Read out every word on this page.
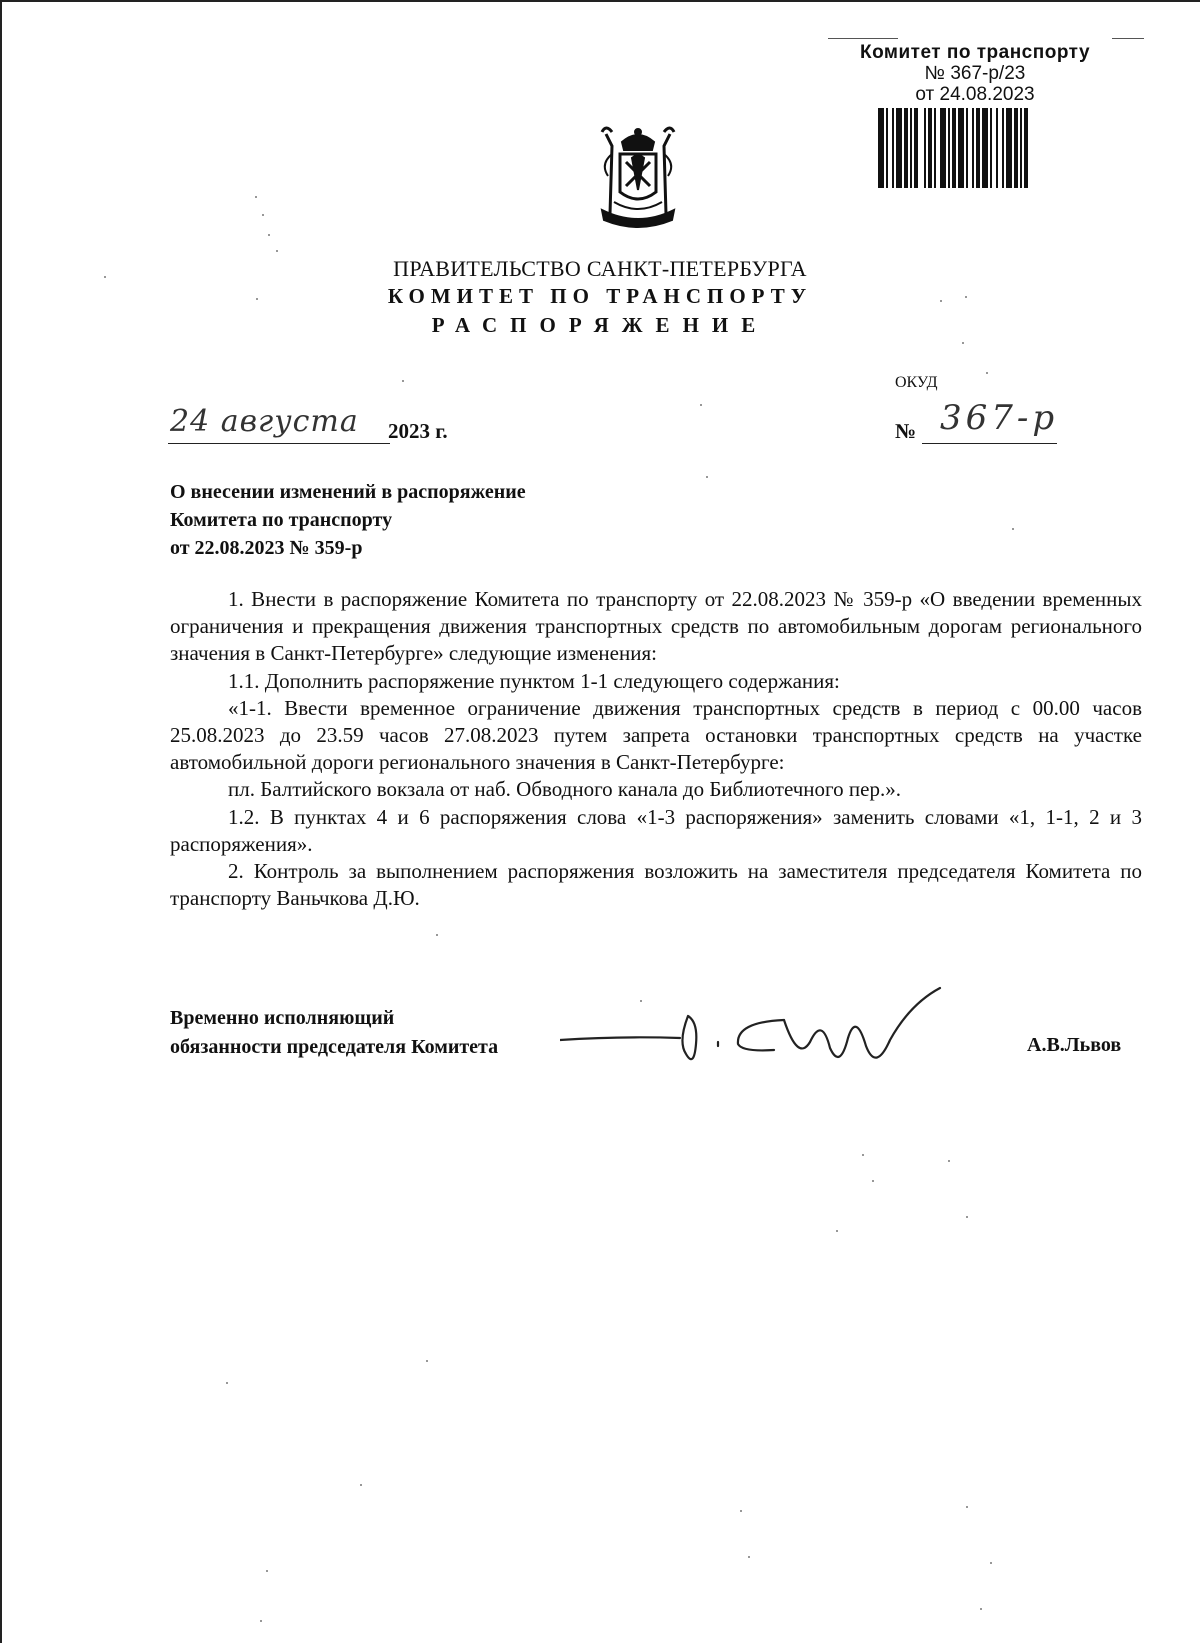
Комитет по транспорту
№ 367-р/23
от 24.08.2023
ПРАВИТЕЛЬСТВО САНКТ-ПЕТЕРБУРГА
КОМИТЕТ ПО ТРАНСПОРТУ
РАСПОРЯЖЕНИЕ
ОКУД
24 августа 2023 г.	№ 367-р
О внесении изменений в распоряжение
Комитета по транспорту
от 22.08.2023 № 359-р

1. Внести в распоряжение Комитета по транспорту от 22.08.2023 № 359-р «О введении временных ограничения и прекращения движения транспортных средств по автомобильным дорогам регионального значения в Санкт-Петербурге» следующие изменения:

1.1. Дополнить распоряжение пунктом 1-1 следующего содержания:

«1-1. Ввести временное ограничение движения транспортных средств в период с 00.00 часов 25.08.2023 до 23.59 часов 27.08.2023 путем запрета остановки транспортных средств на участке автомобильной дороги регионального значения в Санкт-Петербурге:

пл. Балтийского вокзала от наб. Обводного канала до Библиотечного пер.».

1.2. В пунктах 4 и 6 распоряжения слова «1-3 распоряжения» заменить словами «1, 1-1, 2 и 3 распоряжения».

2. Контроль за выполнением распоряжения возложить на заместителя председателя Комитета по транспорту Ваньчкова Д.Ю.

Временно исполняющий
обязанности председателя Комитета	А.В.Львов
